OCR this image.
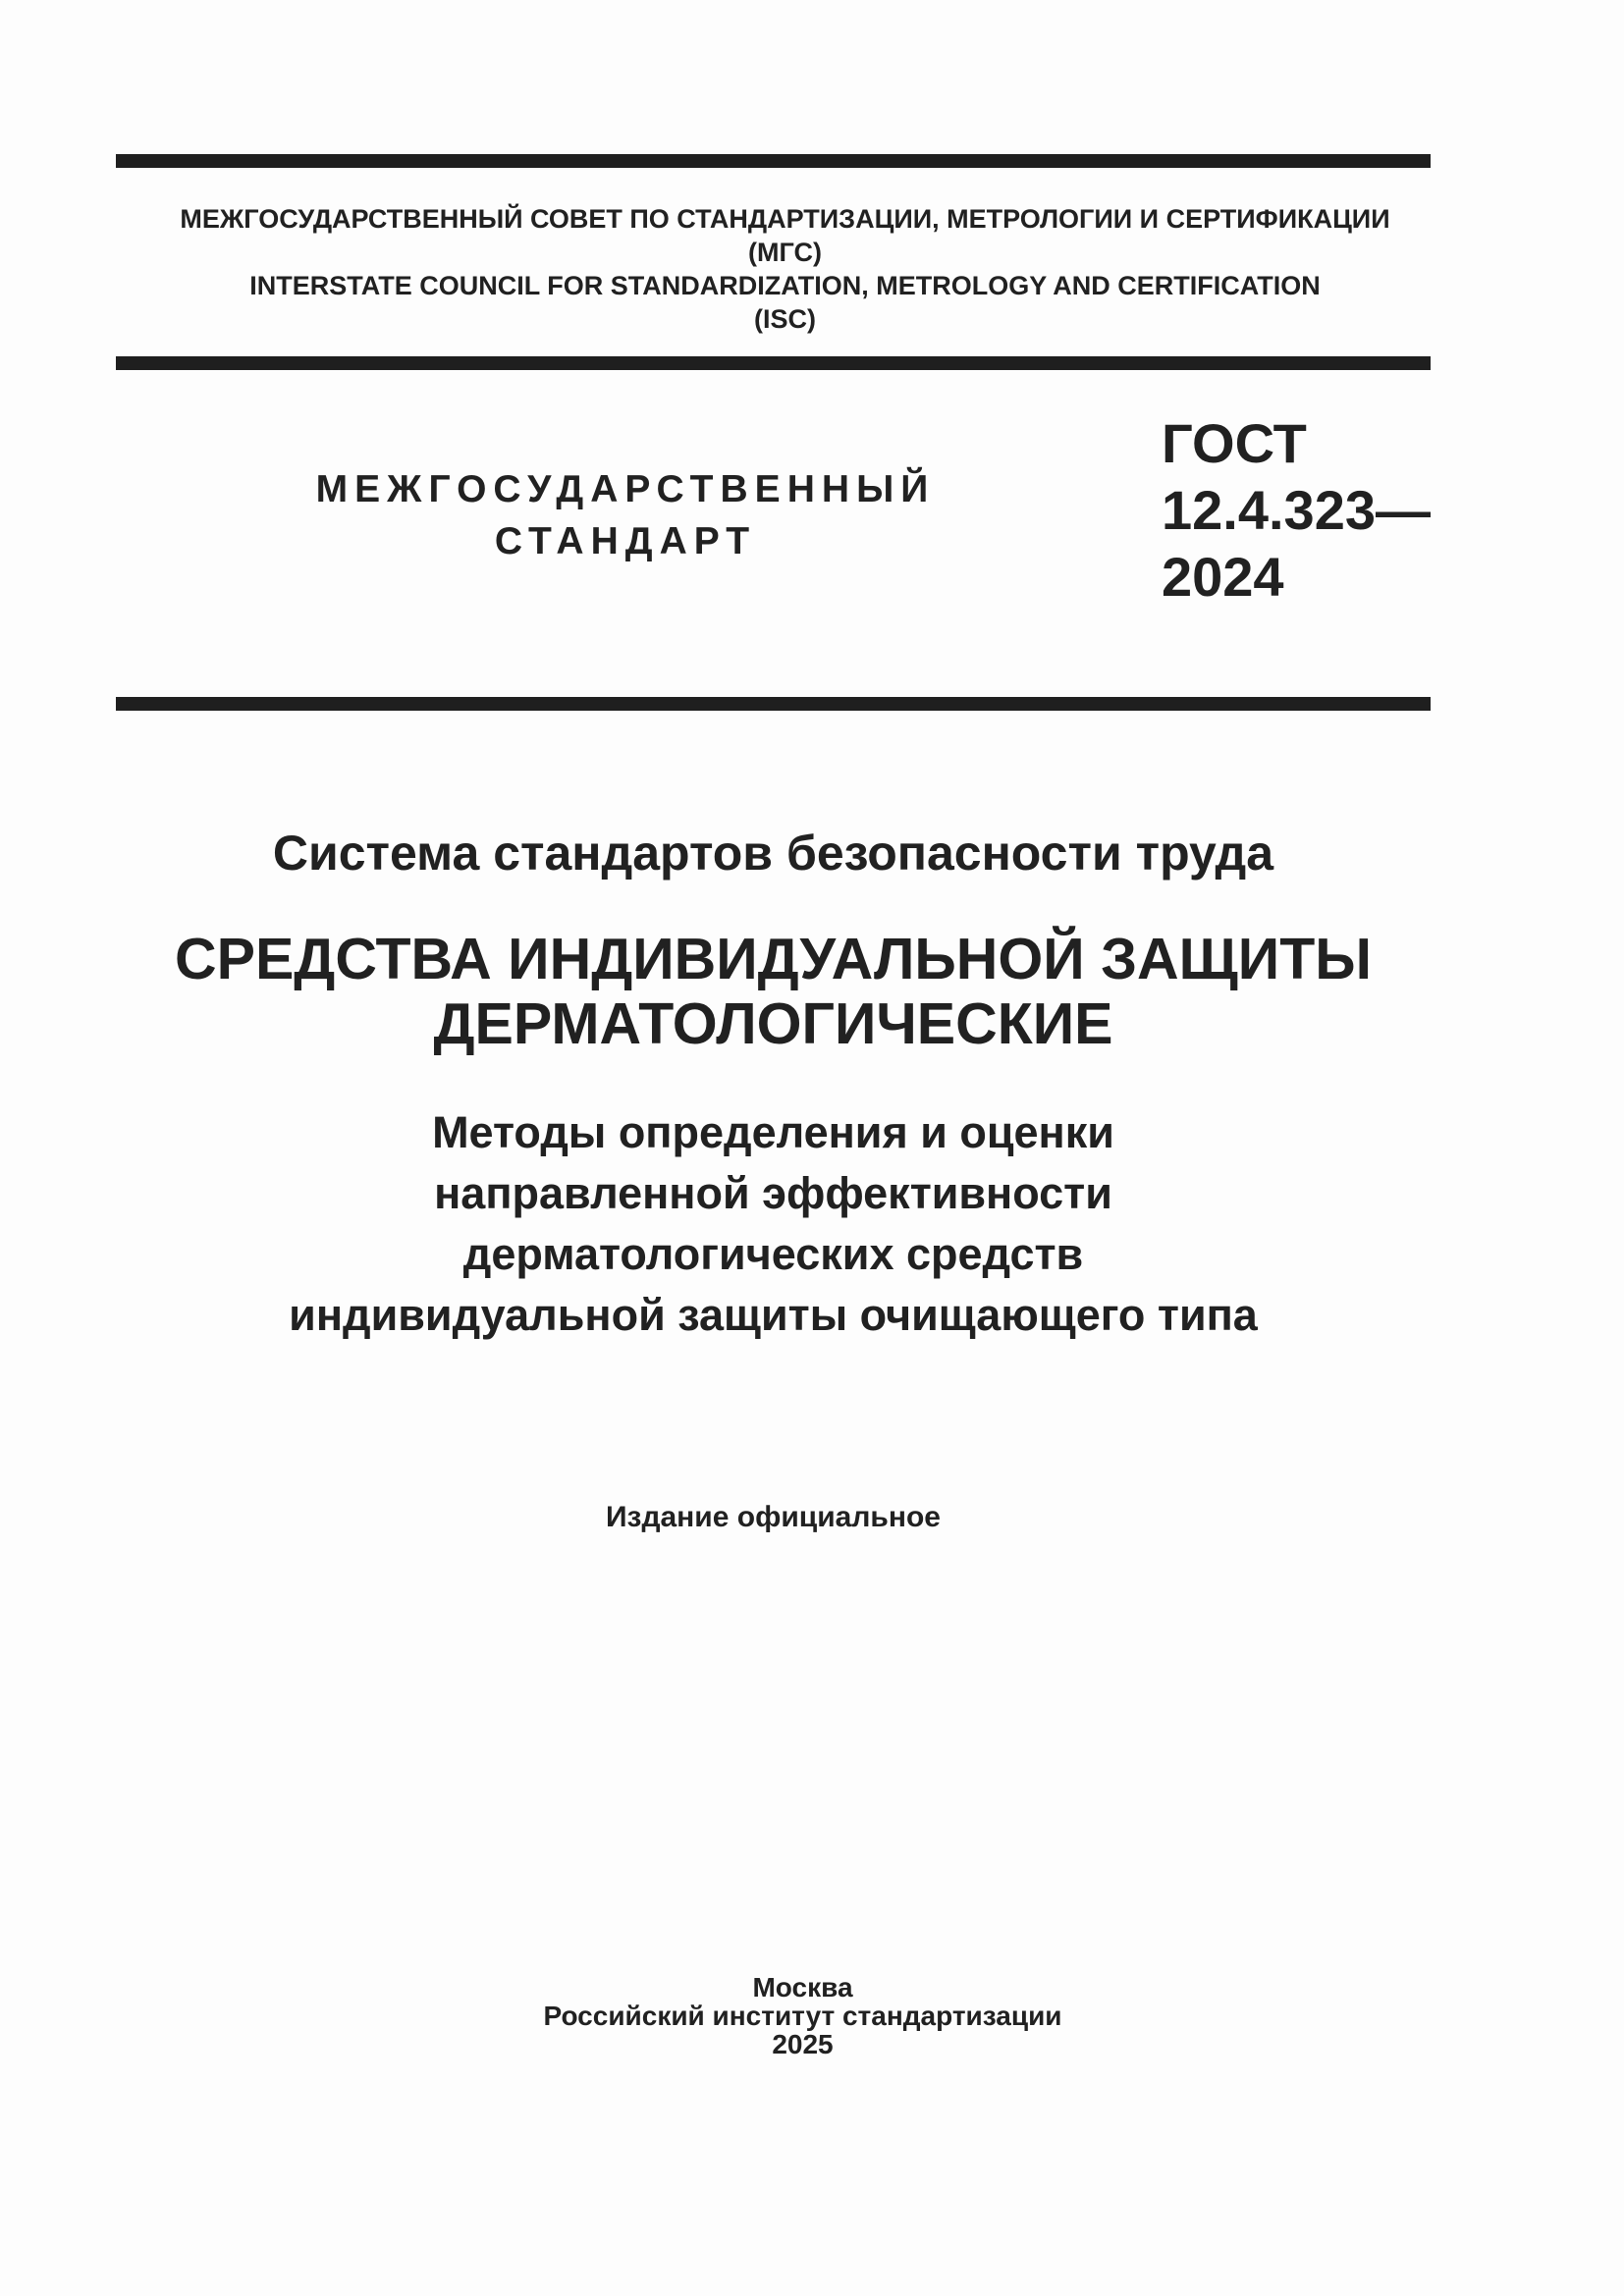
МЕЖГОСУДАРСТВЕННЫЙ СОВЕТ ПО СТАНДАРТИЗАЦИИ, МЕТРОЛОГИИ И СЕРТИФИКАЦИИ
(МГС)
INTERSTATE COUNCIL FOR STANDARDIZATION, METROLOGY AND CERTIFICATION
(ISC)
МЕЖГОСУДАРСТВЕННЫЙ
СТАНДАРТ
ГОСТ
12.4.323—
2024
Система стандартов безопасности труда
СРЕДСТВА ИНДИВИДУАЛЬНОЙ ЗАЩИТЫ
ДЕРМАТОЛОГИЧЕСКИЕ
Методы определения и оценки
направленной эффективности
дерматологических средств
индивидуальной защиты очищающего типа
Издание официальное
Москва
Российский институт стандартизации
2025
